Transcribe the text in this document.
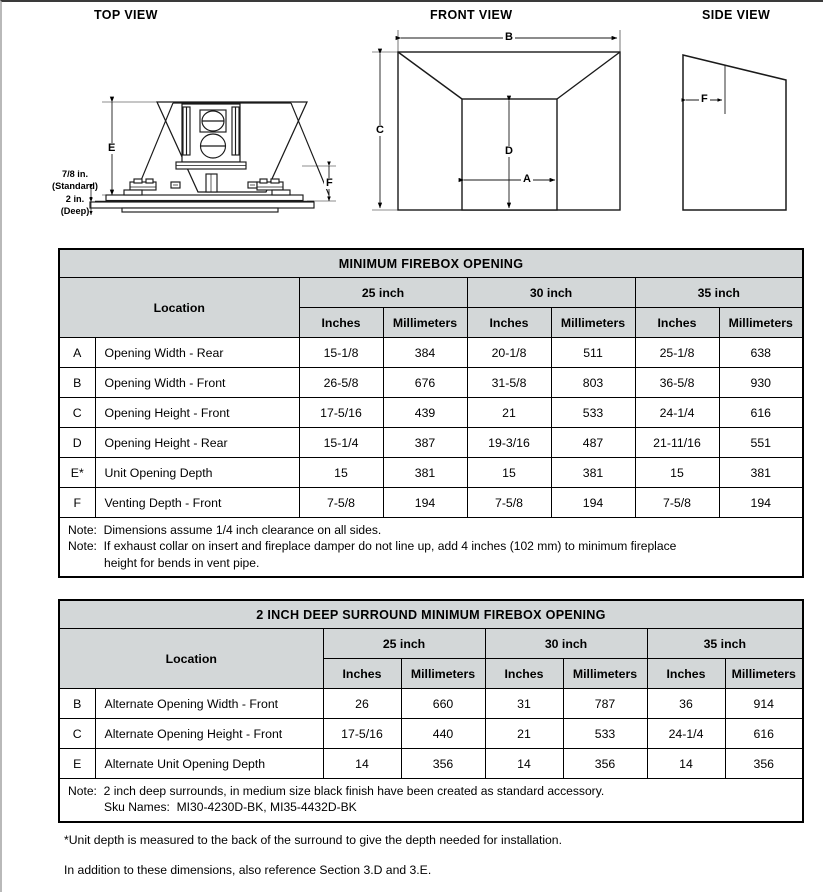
TOP VIEW	FRONT VIEW	SIDE VIEW
E
F
B
C
D
A
F
7/8 in.
(Standard)
2 in.
(Deep)
MINIMUM FIREBOX OPENING							
Location		25 inch		30 inch		35 inch	
		Inches	Millimeters	Inches	Millimeters	Inches	Millimeters
A	Opening Width - Rear	15-1/8	384	20-1/8	511	25-1/8	638
B	Opening Width - Front	26-5/8	676	31-5/8	803	36-5/8	930
C	Opening Height - Front	17-5/16	439	21	533	24-1/4	616
D	Opening Height - Rear	15-1/4	387	19-3/16	487	21-11/16	551
E*	Unit Opening Depth	15	381	15	381	15	381
F	Venting Depth - Front	7-5/8	194	7-5/8	194	7-5/8	194

Note:  Dimensions assume 1/4 inch clearance on all sides.
Note:  If exhaust collar on insert and fireplace damper do not line up, add 4 inches (102 mm) to minimum fireplace
height for bends in vent pipe.							
2 INCH DEEP SURROUND MINIMUM FIREBOX OPENING							
Location		25 inch		30 inch		35 inch	
		Inches	Millimeters	Inches	Millimeters	Inches	Millimeters
B	Alternate Opening Width - Front	26	660	31	787	36	914
C	Alternate Opening Height - Front	17-5/16	440	21	533	24-1/4	616
E	Alternate Unit Opening Depth	14	356	14	356	14	356

Note:  2 inch deep surrounds, in medium size black finish have been created as standard accessory.
Sku Names:  MI30-4230D-BK, MI35-4432D-BK							
*Unit depth is measured to the back of the surround to give the depth needed for installation.
In addition to these dimensions, also reference Section 3.D and 3.E.
